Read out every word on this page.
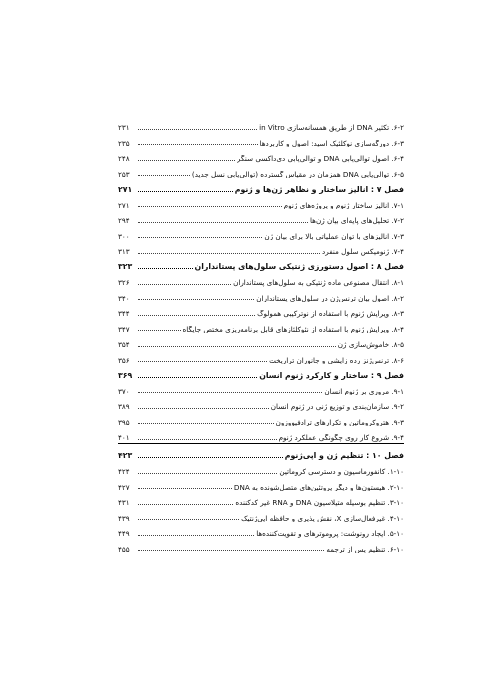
۶-۲. تکثیر DNA از طریق همسانه‌سازی in Vitro
۲۳۱
۶-۳. دورگه‌سازی نوکلئیک اسید: اصول و کاربردها
۲۳۵
۶-۴. اصول توالی‌یابی DNA و توالی‌یابی دی‌داکسی سنگر
۲۴۸
۶-۵. توالی‌یابی DNA همزمان در مقیاس گسترده (توالی‌یابی نسل جدید)
۲۵۳
فصل ۷ : آنالیز ساختار و نظاهر ژن‌ها و ژنوم
۲۷۱
۷-۱. آنالیز ساختار ژنوم و پروژه‌های ژنوم
۲۷۱
۷-۲. تحلیل‌های پایه‌ای بیان ژن‌ها
۲۹۴
۷-۳. آنالیزهای با توان عملیاتی بالا برای بیان ژن
۳۰۰
۷-۴. ژنومیکس سلول منفرد
۳۱۳
فصل ۸ : اصول دستورزی ژنتیکی سلول‌های پستانداران
۳۲۳
۸-۱. انتقال مصنوعی ماده ژنتیکی به سلول‌های پستانداران
۳۲۶
۸-۲. اصول بیان ترنس‌ژن در سلول‌های پستانداران
۳۴۰
۸-۳. ویرایش ژنوم با استفاده از نوترکیبی همولوگ
۳۴۴
۸-۴. ویرایش ژنوم با استفاده از نئوکلئازهای قابل برنامه‌ریزی مختص جایگاه
۳۴۷
۸-۵. خاموش‌سازی ژن
۳۵۴
۸-۶. ترنس‌ژنز رده زایشی و جانوران ترارپخت
۳۵۶
فصل ۹ : ساختار و کارکرد ژنوم انسان
۳۶۹
۹-۱. مروری بر ژنوم انسان
۳۷۰
۹-۲. سازمان‌بندی و توزیع ژنی در ژنوم انسان
۳۸۹
۹-۳. هتروکروماتین و تکرارهای ترادفیووزون
۳۹۵
۹-۴. شروع کار روی چگونگی عملکرد ژنوم
۴۰۱
فصل ۱۰ : تنظیم ژن و اپی‌ژنوم
۴۲۳
۱-۱۰. کانفورماسیون و دسترسی کروماتین
۴۲۴
۲-۱۰. هیستون‌ها و دیگر پروتئین‌های متصل‌شونده به DNA
۴۲۷
۳-۱۰. تنظیم بوسیله متیلاسیون DNA و RNA غیر کدکننده
۴۳۱
۴-۱۰. غیرفعال‌سازی X، نقش پذیری و حافظه اپی‌ژنتیک
۴۳۹
۵-۱۰. ایجاد رونوشت: پروموترهای و تقویت‌کننده‌ها
۴۴۹
۶-۱۰. تنظیم پس از ترجمه
۴۵۵
